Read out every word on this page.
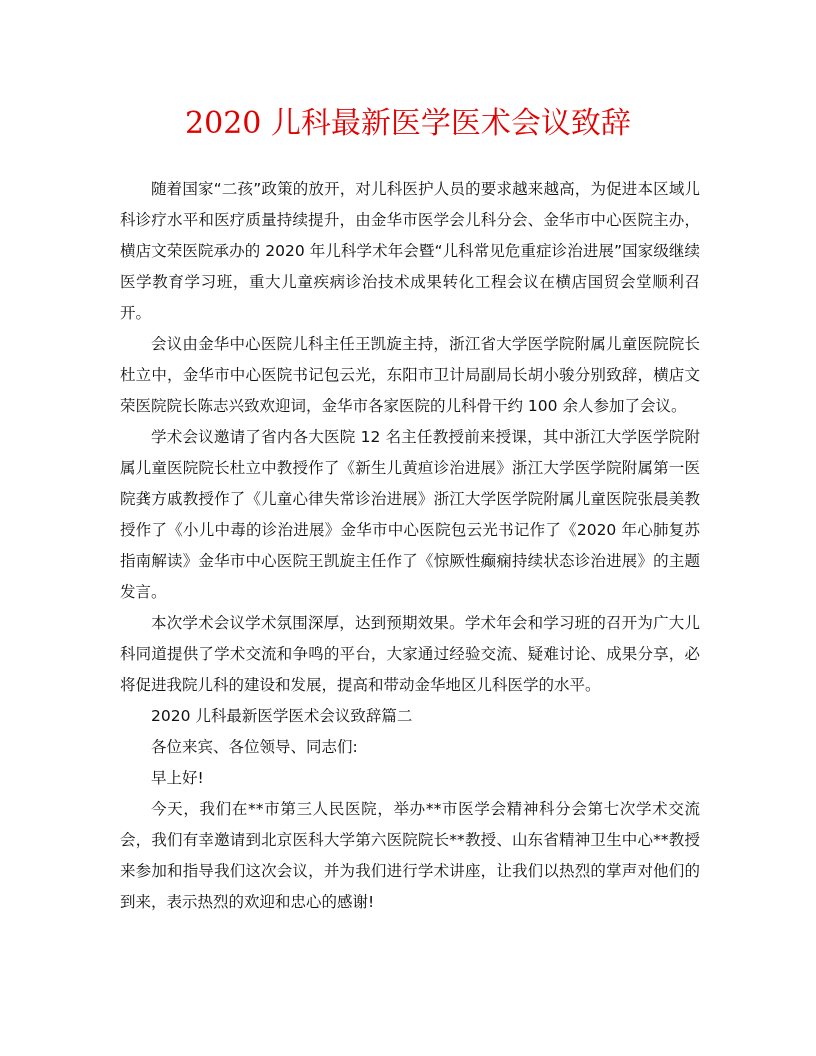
2020 儿科最新医学医术会议致辞

随着国家“二孩”政策的放开，对儿科医护人员的要求越来越高，为促进本区域儿科诊疗水平和医疗质量持续提升，由金华市医学会儿科分会、金华市中心医院主办，横店文荣医院承办的 2020 年儿科学术年会暨“儿科常见危重症诊治进展”国家级继续医学教育学习班，重大儿童疾病诊治技术成果转化工程会议在横店国贸会堂顺利召开。

会议由金华中心医院儿科主任王凯旋主持，浙江省大学医学院附属儿童医院院长杜立中，金华市中心医院书记包云光，东阳市卫计局副局长胡小骏分别致辞，横店文荣医院院长陈志兴致欢迎词，金华市各家医院的儿科骨干约 100 余人参加了会议。

学术会议邀请了省内各大医院 12 名主任教授前来授课，其中浙江大学医学院附属儿童医院院长杜立中教授作了《新生儿黄疸诊治进展》浙江大学医学院附属第一医院龚方戚教授作了《儿童心律失常诊治进展》浙江大学医学院附属儿童医院张晨美教授作了《小儿中毒的诊治进展》金华市中心医院包云光书记作了《2020 年心肺复苏指南解读》金华市中心医院王凯旋主任作了《惊厥性癫痫持续状态诊治进展》的主题发言。

本次学术会议学术氛围深厚，达到预期效果。学术年会和学习班的召开为广大儿科同道提供了学术交流和争鸣的平台，大家通过经验交流、疑难讨论、成果分享，必将促进我院儿科的建设和发展，提高和带动金华地区儿科医学的水平。

2020 儿科最新医学医术会议致辞篇二

各位来宾、各位领导、同志们:

早上好!

今天，我们在**市第三人民医院，举办**市医学会精神科分会第七次学术交流会，我们有幸邀请到北京医科大学第六医院院长**教授、山东省精神卫生中心**教授来参加和指导我们这次会议，并为我们进行学术讲座，让我们以热烈的掌声对他们的到来，表示热烈的欢迎和忠心的感谢!
